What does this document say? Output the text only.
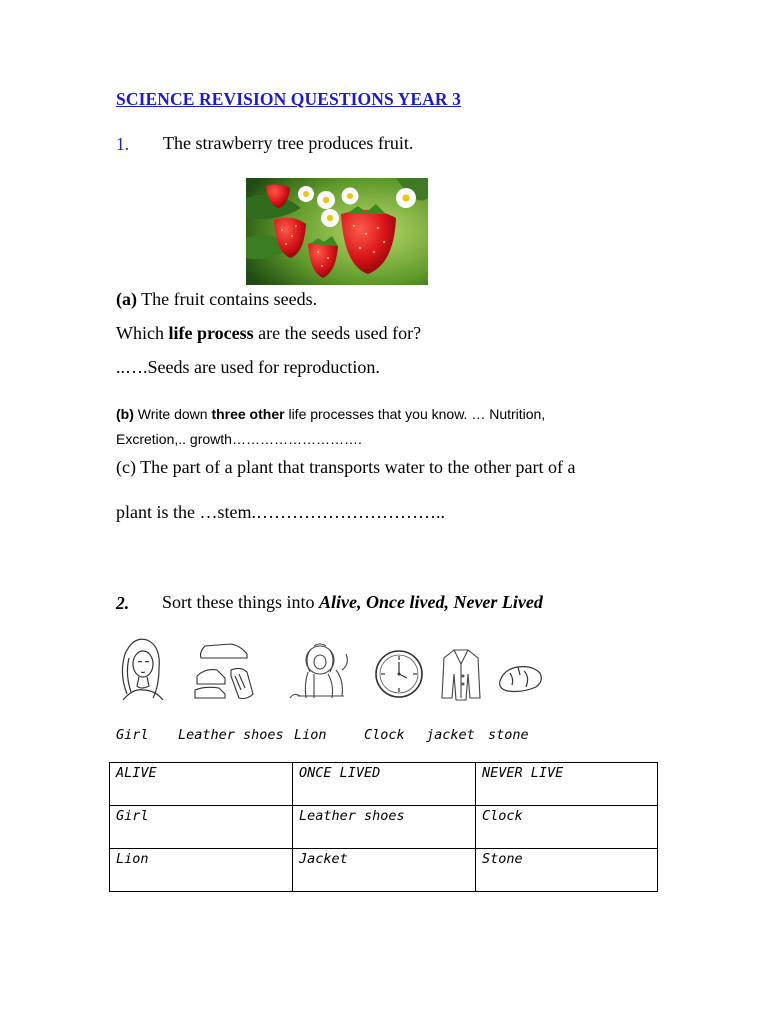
SCIENCE REVISION QUESTIONS YEAR 3
1. The strawberry tree produces fruit.
(a) The fruit contains seeds.
Which life process are the seeds used for?
..….Seeds are used for reproduction.
(b) Write down three other life processes that you know. … Nutrition,
Excretion,.. growth……………………….
(c) The part of a plant that transports water to the other part of a
plant is the …stem.…………………………..
2. Sort these things into Alive, Once lived, Never Lived
Girl Leather shoes Lion	Clock jacket stone
ALIVE	ONCE LIVED	NEVER LIVE
Girl	Leather shoes	Clock
Lion	Jacket	Stone
